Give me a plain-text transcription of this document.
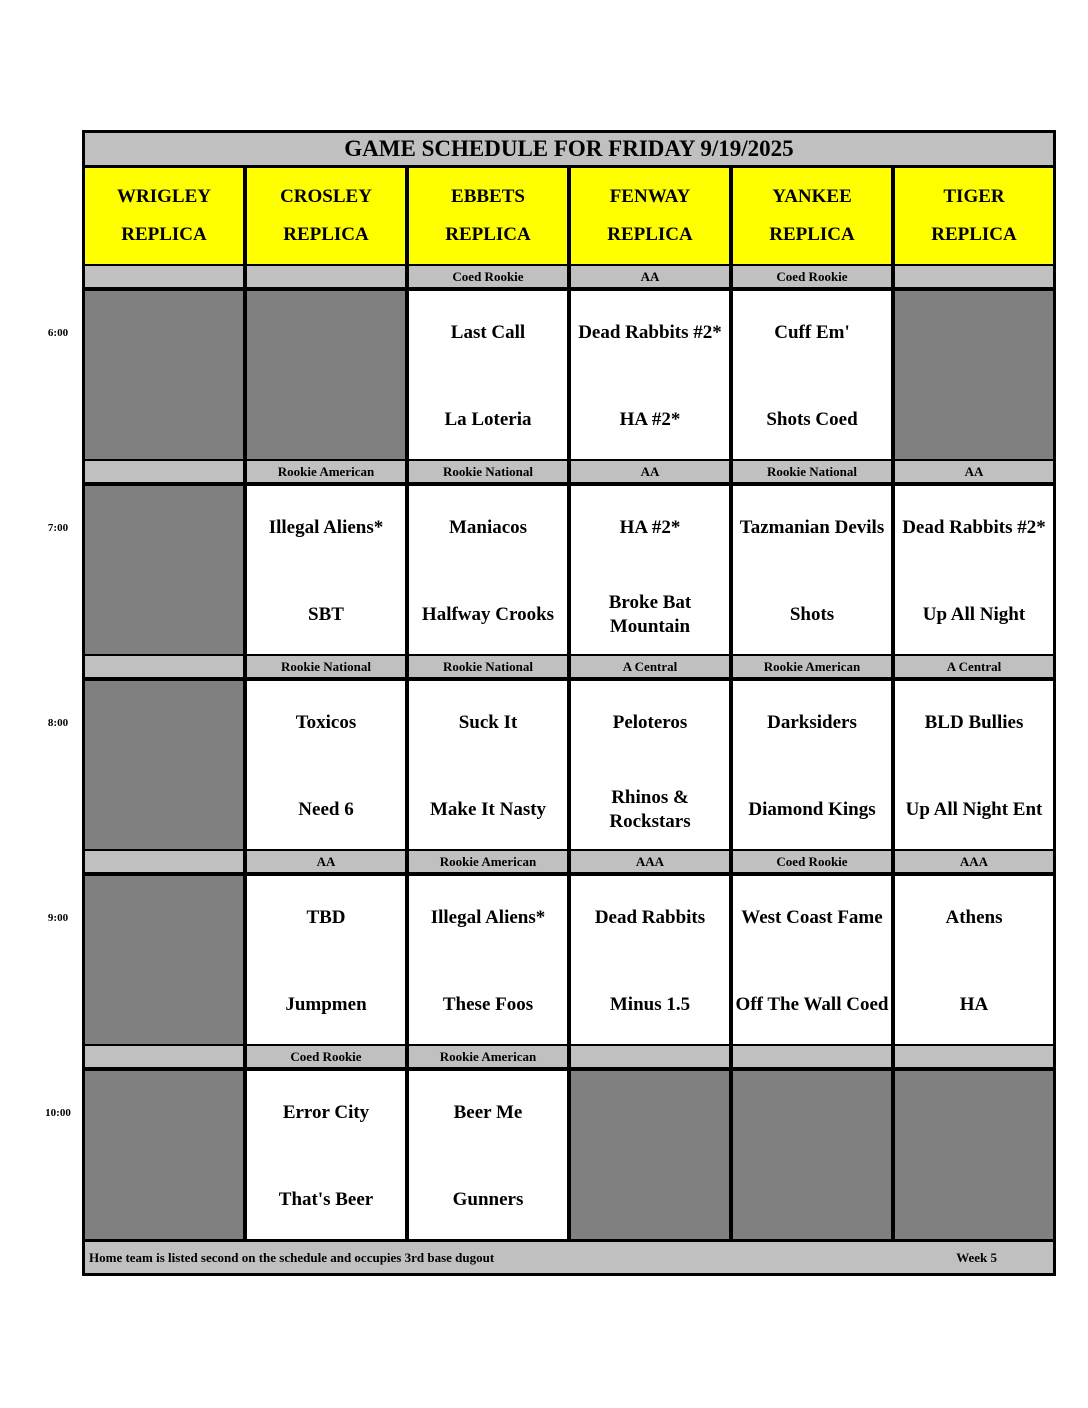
GAME SCHEDULE FOR FRIDAY 9/19/2025
Home team is listed second on the schedule and occupies 3rd base dugout	Week 5
WRIGLEY
REPLICA
CROSLEY
REPLICA
EBBETS
REPLICA
FENWAY
REPLICA
YANKEE
REPLICA
TIGER
REPLICA
Coed Rookie
Last Call
La Loteria
AA
Dead Rabbits #2*
HA #2*
Coed Rookie
Cuff Em'
Shots Coed
Rookie American
Illegal Aliens*
SBT
Rookie National
Maniacos
Halfway Crooks
AA
HA #2*
Broke Bat Mountain
Rookie National
Tazmanian Devils
Shots
AA
Dead Rabbits #2*
Up All Night
Rookie National
Toxicos
Need 6
Rookie National
Suck It
Make It Nasty
A Central
Peloteros
Rhinos & Rockstars
Rookie American
Darksiders
Diamond Kings
A Central
BLD Bullies
Up All Night Ent
AA
TBD
Jumpmen
Rookie American
Illegal Aliens*
These Foos
AAA
Dead Rabbits
Minus 1.5
Coed Rookie
West Coast Fame
Off The Wall Coed
AAA
Athens
HA
Coed Rookie
Error City
That's Beer
Rookie American
Beer Me
Gunners
6:00
7:00
8:00
9:00
10:00
